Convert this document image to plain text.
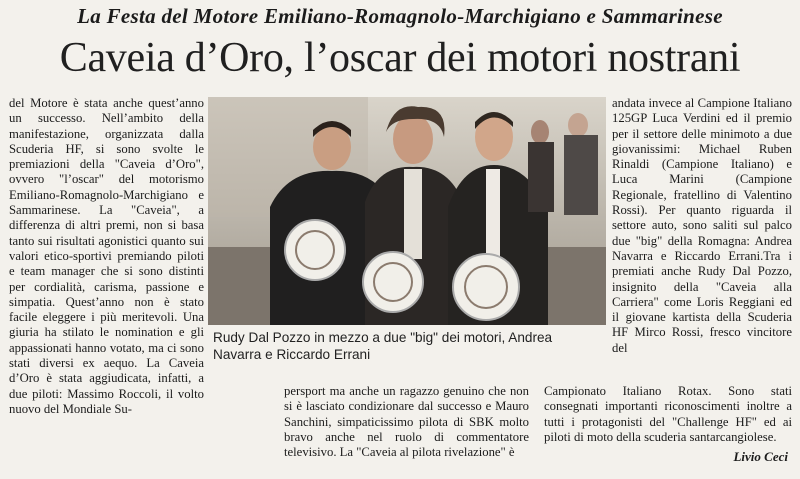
La Festa del Motore Emiliano-Romagnolo-Marchigiano e Sammarinese
Caveia d’Oro, l’oscar dei motori nostrani

del Motore è stata anche quest’anno un successo. Nell’ambito della manifestazione, organizzata dalla Scuderia HF, si sono svolte le premiazioni della "Caveia d’Oro", ovvero "l’oscar" del motorismo Emiliano-Romagnolo-Marchigiano e Sammarinese. La "Caveia", a differenza di altri premi, non si basa tanto sui risultati agonistici quanto sui valori etico-sportivi premiando piloti e team manager che si sono distinti per cordialità, carisma, passione e simpatia. Quest’anno non è stato facile eleggere i più meritevoli. Una giuria ha stilato le nomination e gli appassionati hanno votato, ma ci sono stati diversi ex aequo. La Caveia d’Oro è stata aggiudicata, infatti, a due piloti: Massimo Roccoli, il volto nuovo del Mondiale Su-

Rudy Dal Pozzo in mezzo a due "big" dei motori, Andrea Navarra e Riccardo Errani

persport ma anche un ragazzo genuino che non si è lasciato condizionare dal successo e Mauro Sanchini, simpaticissimo pilota di SBK molto bravo anche nel ruolo di commentatore televisivo. La "Caveia al pilota rivelazione" è
andata invece al Campione Italiano 125GP Luca Verdini ed il premio per il settore delle minimoto a due giovanissimi: Michael Ruben Rinaldi (Campione Italiano) e Luca Marini (Campione Regionale, fratellino di Valentino Rossi). Per quanto riguarda il settore auto, sono saliti sul palco due "big" della Romagna: Andrea Navarra e Riccardo Errani.Tra i premiati anche Rudy Dal Pozzo, insignito della "Caveia alla Carriera" come Loris Reggiani ed il giovane kartista della Scuderia HF Mirco Rossi, fresco vincitore del
Campionato Italiano Rotax. Sono stati consegnati importanti riconoscimenti inoltre a tutti i protagonisti del "Challenge HF" ed ai piloti di moto della scuderia santarcangiolese.
Livio Ceci
